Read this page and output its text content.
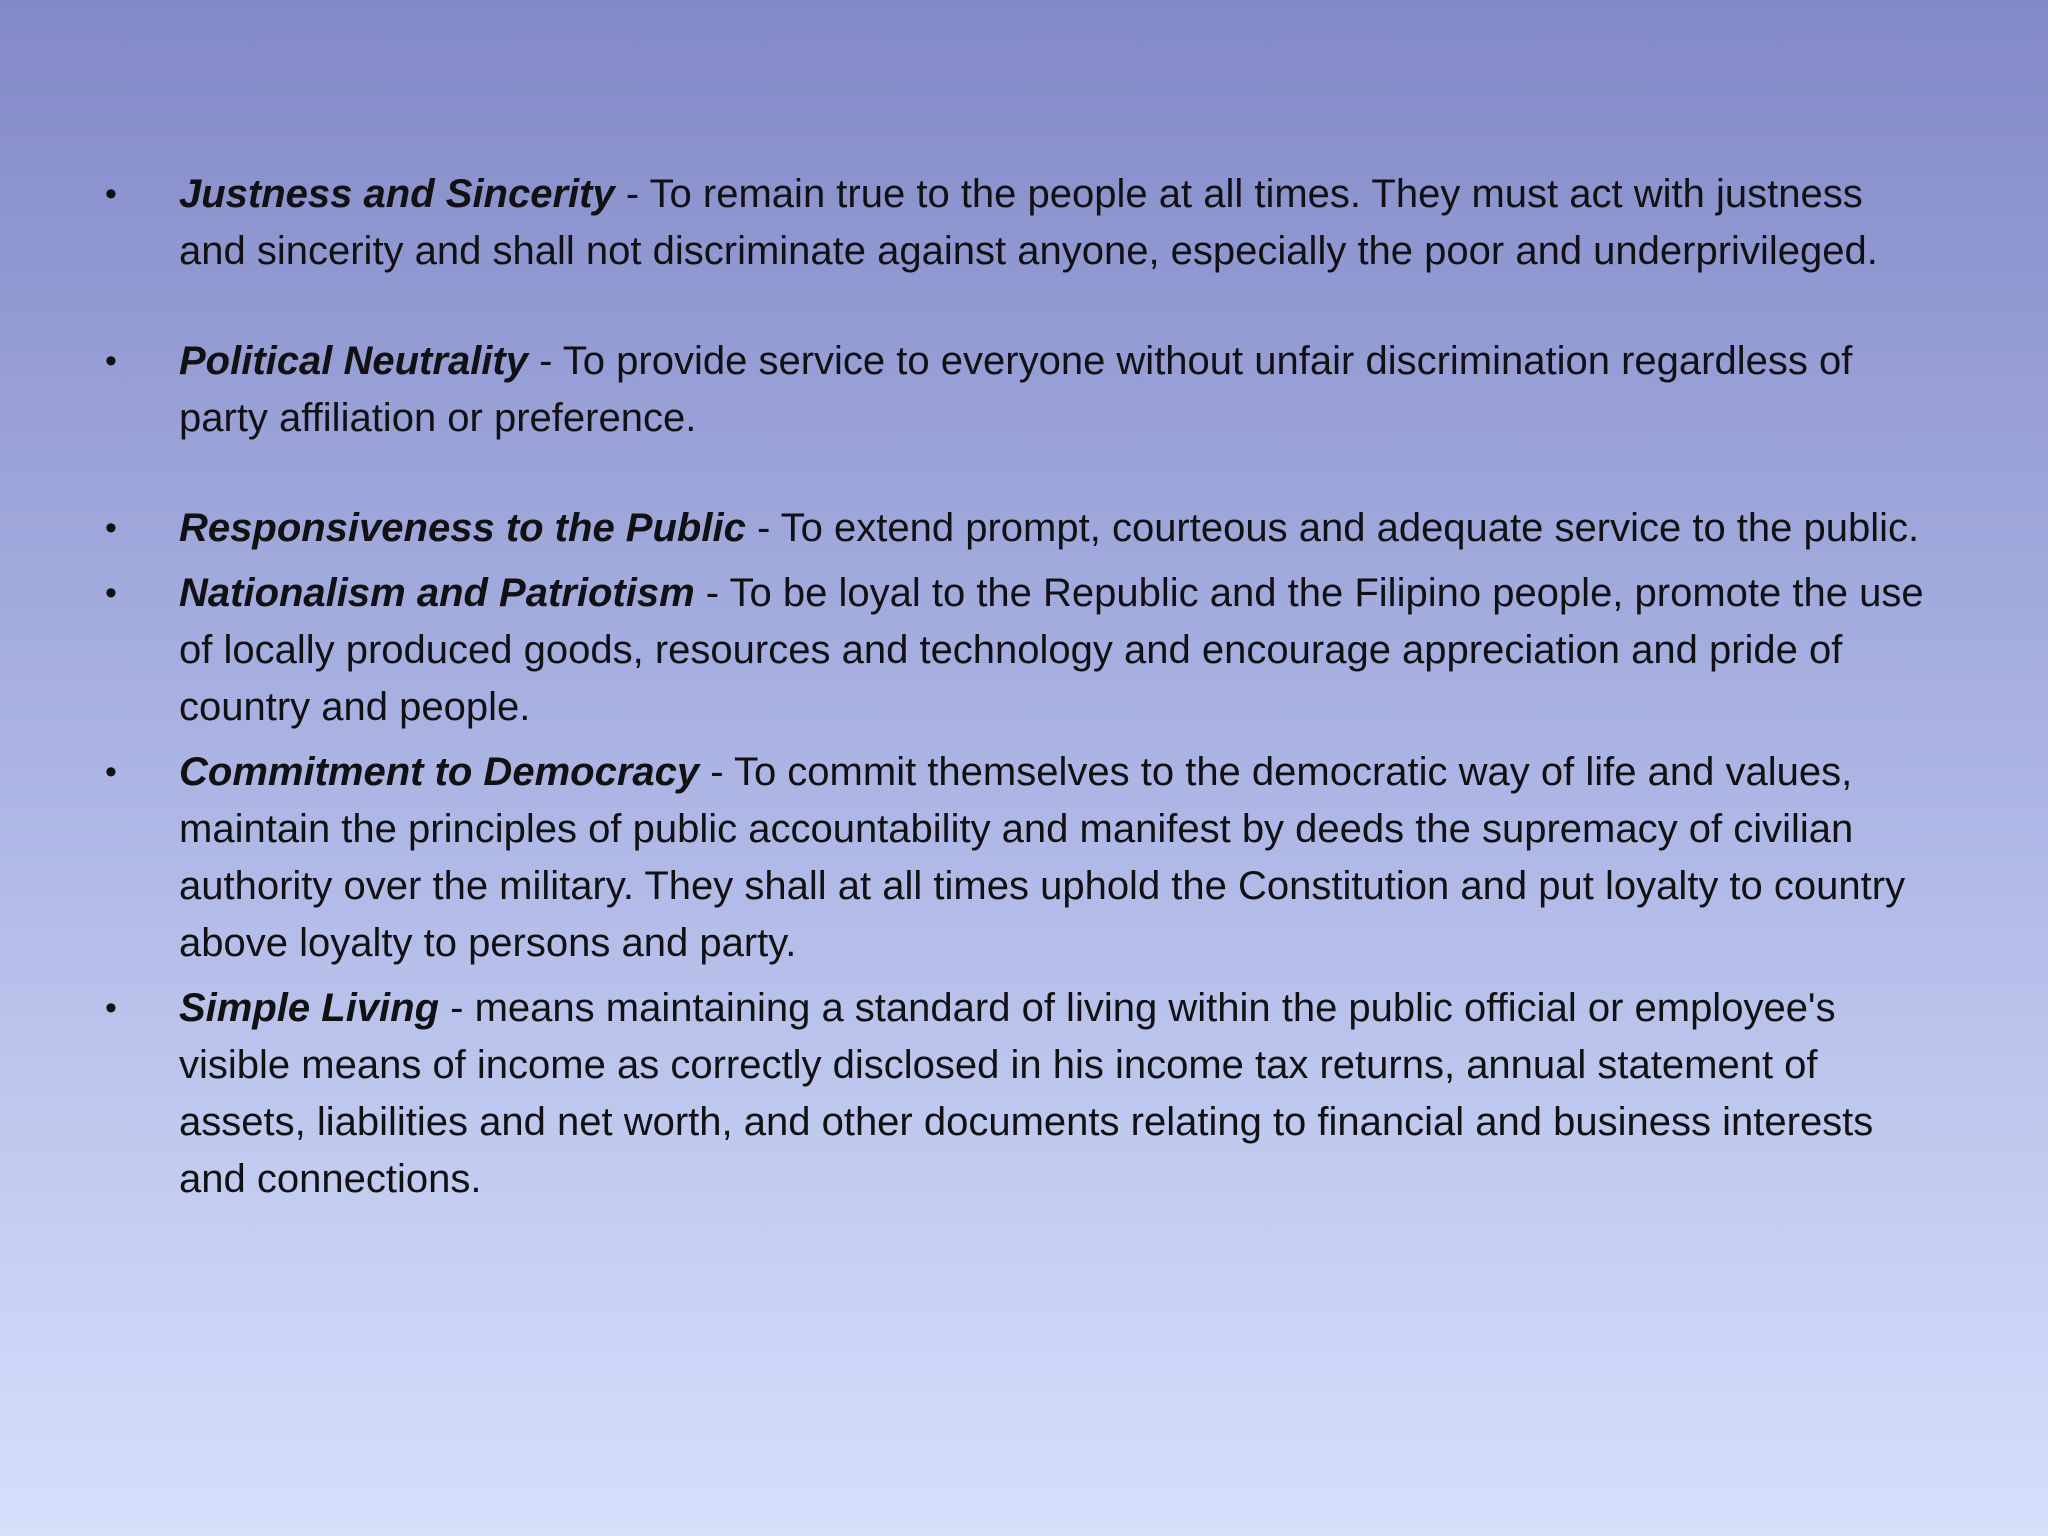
•	Justness and Sincerity - To remain true to the people at all times. They must act with justness and sincerity and shall not discriminate against anyone, especially the poor and underprivileged.
•	Political Neutrality - To provide service to everyone without unfair discrimination regardless of party affiliation or preference.
•	Responsiveness to the Public - To extend prompt, courteous and adequate service to the public.
•	Nationalism and Patriotism - To be loyal to the Republic and the Filipino people, promote the use of locally produced goods, resources and technology and encourage appreciation and pride of country and people.
•	Commitment to Democracy - To commit themselves to the democratic way of life and values, maintain the principles of public accountability and manifest by deeds the supremacy of civilian authority over the military. They shall at all times uphold the Constitution and put loyalty to country above loyalty to persons and party.
•	Simple Living - means maintaining a standard of living within the public official or employee's visible means of income as correctly disclosed in his income tax returns, annual statement of assets, liabilities and net worth, and other documents relating to financial and business interests and connections.
